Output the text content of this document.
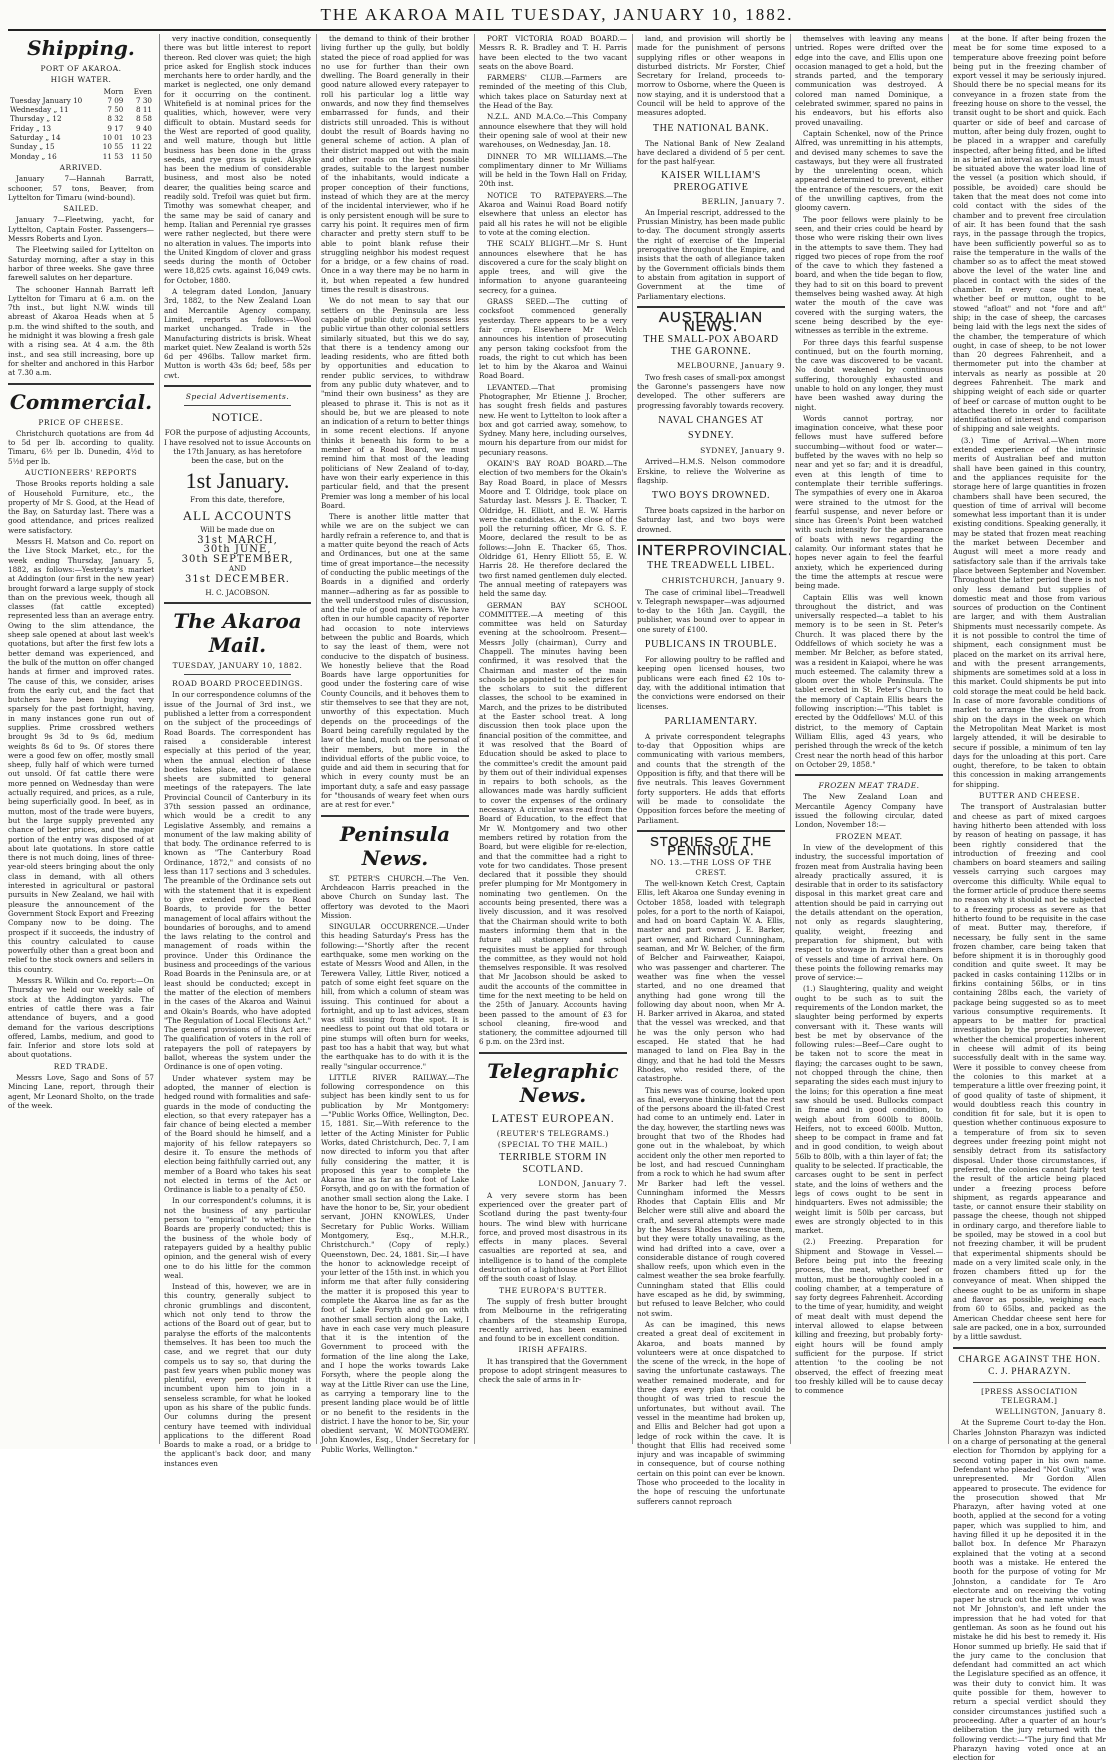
THE AKAROA MAIL TUESDAY, JANUARY 10, 1882.
Shipping.
PORT OF AKAROA.
HIGH WATER.
	Morn	Even
Tuesday January 10	7 09	7 30
Wednesday „ 11	7 50	8 11
Thursday „ 12	8 32	8 58
Friday „ 13	9 17	9 40
Saturday „ 14	10 01	10 23
Sunday „ 15	10 55	11 22
Monday „ 16	11 53	11 50
ARRIVED.
January 7—Hannah Barratt, schooner, 57 tons, Beaver, from Lyttelton for Timaru (wind-bound).
SAILED.
January 7—Fleetwing, yacht, for Lyttelton, Captain Foster. Passengers—Messrs Roberts and Lyon.
The Fleetwing sailed for Lyttelton on Saturday morning, after a stay in this harbor of three weeks. She gave three farewell salutes on her departure.
The schooner Hannah Barratt left Lyttelton for Timaru at 6 a.m. on the 7th inst., but light N.W. winds till abreast of Akaroa Heads when at 5 p.m. the wind shifted to the south, and he midnight it was blowing a fresh gale with a rising sea. At 4 a.m. the 8th inst., and sea still increasing, bore up for shelter and anchored in this Harbor at 7.30 a.m.
Commercial.
PRICE OF CHEESE.
Christchurch quotations are from 4d to 5d per lb. according to quality. Timaru, 6½ per lb. Dunedin, 4½d to 5½d per lb.
AUCTIONEERS' REPORTS
Those Brooks reports holding a sale of Household Furniture, etc., the property of Mr S. Good, at the Head of the Bay, on Saturday last. There was a good attendance, and prices realized were satisfactory.
Messrs H. Matson and Co. report on the Live Stock Market, etc., for the week ending Thursday, January 5, 1882, as follows:—Yesterday's market at Addington (our first in the new year) brought forward a large supply of stock than on the previous week, though all classes (fat cattle excepted) represented less than an average entry. Owing to the slim attendance, the sheep sale opened at about last week's quotations, but after the first few lots a better demand was experienced, and the bulk of the mutton on offer changed hands at firmer and improved rates. The cause of this, we consider, arises from the early cut, and the fact that butchers have been buying very sparsely for the past fortnight, having, in many instances gone run out of supplies. Prime crossbred wethers brought 9s 3d to 9s 6d, medium weights 8s 6d to 9s. Of stores there were a good few on offer, mostly small sheep, fully half of which were turned out unsold. Of fat cattle there were more penned on Wednesday than were actually required, and prices, as a rule, being superficially good. In beef, as in mutton, most of the trade were buyers, but the large supply prevented any chance of better prices, and the major portion of the entry was disposed of at about late quotations. In store cattle there is not much doing, lines of three-year-old steers bringing about the only class in demand, with all others interested in agricultural or pastoral pursuits in New Zealand, we hail with pleasure the announcement of the Government Stock Export and Freezing Company now to be doing. The prospect if it succeeds, the industry of this country calculated to cause powerfully other than a great boon and relief to the stock owners and sellers in this country.
Messrs R. Wilkin and Co. report:—On Thursday we held our weekly sale of stock at the Addington yards. The entries of cattle there was a fair attendance of buyers, and a good demand for the various descriptions offered, Lambs, medium, and good to fair. Inferior and store lots sold at about quotations.
RED TRADE.
Messrs Love, Sago and Sons of 57 Mincing Lane, report, through their agent, Mr Leonard Sholto, on the trade of the week.
very inactive condition, consequently there was but little interest to report thereon. Red clover was quiet; the high price asked for English stock induces merchants here to order hardly, and the market is neglected, one only demand for it occurring on the continent. Whitefield is at nominal prices for the qualities, which, however, were very difficult to obtain. Mustard seeds for the West are reported of good quality, and well mature, though but little business has been done in the grass seeds, and rye grass is quiet. Alsyke has been the medium of considerable business, and most also be noted dearer, the qualities being scarce and readily sold. Trefoil was quiet but firm. Timothy was somewhat cheaper, and the same may be said of canary and hemp. Italian and Perennial rye grasses were rather neglected, but there were no alteration in values. The imports into the United Kingdom of clover and grass seeds during the month of October were 18,825 cwts. against 16,049 cwts. for October, 1880.
A telegram dated London, January 3rd, 1882, to the New Zealand Loan and Mercantile Agency company, Limited, reports as follows:—Wool market unchanged. Trade in the Manufacturing districts is brisk. Wheat market quiet. New Zealand is worth 52s 6d per 496lbs. Tallow market firm. Mutton is worth 43s 6d; beef, 58s per cwt.
Special Advertisements.
NOTICE.
FOR the purpose of adjusting Accounts, I have resolved not to issue Accounts on the 17th January, as has heretofore been the case, but on the
1st January.
From this date, therefore,
ALL ACCOUNTS
Will be made due on
31st MARCH,
30th JUNE,
30th SEPTEMBER,
AND
31st DECEMBER.
H. C. JACOBSON.
The Akaroa Mail.
TUESDAY, JANUARY 10, 1882.
ROAD BOARD PROCEEDINGS.
In our correspondence columns of the issue of the Journal of 3rd inst., we published a letter from a correspondent on the subject of the proceedings of Road Boards. The correspondent has raised a considerable interest especially at this period of the year, when the annual election of these bodies takes place, and their balance sheets are submitted to general meetings of the ratepayers. The late Provincial Council of Canterbury in its 37th session passed an ordinance, which would be a credit to any Legislative Assembly, and remains a monument of the law making ability of that body. The ordinance referred to is known as "The Canterbury Road Ordinance, 1872," and consists of no less than 117 sections and 3 schedules. The preamble of the Ordinance sets out with the statement that it is expedient to give extended powers to Road Boards, to provide for the better management of local affairs without the boundaries of boroughs, and to amend the laws relating to the control and management of roads within the province. Under this Ordinance the business and proceedings of the various Road Boards in the Peninsula are, or at least should be conducted; except in the matter of the election of members in the cases of the Akaroa and Wainui and Okain's Boards, who have adopted "The Regulation of Local Elections Act." The general provisions of this Act are: The qualification of voters in the roll of ratepayers the poll of ratepayers by ballot, whereas the system under the Ordinance is one of open voting.
Under whatever system may be adopted, the manner of election is hedged round with formalities and safe-guards in the mode of conducting the election, so that every ratepayer has a fair chance of being elected a member of the Board should he himself, and a majority of his fellow ratepayers so desire it. To ensure the methods of election being faithfully carried out, any member of a Board who takes his seat not elected in terms of the Act or Ordinance is liable to a penalty of £50.
In our correspondent's columns, it is not the business of any particular person to "empirical" to whether the Boards are properly conducted; this is the business of the whole body of ratepayers guided by a healthy public opinion, and the general wish of every one to do his little for the common weal.
Instead of this, however, we are in this country, generally subject to chronic grumblings and discontent, which not only tend to throw the actions of the Board out of gear, but to paralyse the efforts of the malcontents themselves. It has been too much the case, and we regret that our duty compels us to say so, that during the past few years when public money was plentiful, every person thought it incumbent upon him to join in a senseless scramble, for what he looked upon as his share of the public funds. Our columns during the present century have teemed with individual applications to the different Road Boards to make a road, or a bridge to the applicant's back door, and many instances even
the demand to think of their brother living further up the gully, but boldly stated the piece of road applied for was no use for further than their own dwelling. The Board generally in their good nature allowed every ratepayer to roll his particular log a little way onwards, and now they find themselves embarrassed for funds, and their districts still unroaded. This is without doubt the result of Boards having no general scheme of action. A plan of their district mapped out with the main and other roads on the best possible grades, suitable to the largest number of the inhabitants, would indicate a proper conception of their functions, instead of which they are at the mercy of the incidental interviewer, who if he is only persistent enough will be sure to carry his point. It requires men of firm character and pretty stern stuff to be able to point blank refuse their struggling neighbor his modest request for a bridge, or a few chains of road. Once in a way there may be no harm in it, but when repeated a few hundred times the result is disastrous.
We do not mean to say that our settlers on the Peninsula are less capable of public duty, or possess less public virtue than other colonial settlers similarly situated, but this we do say, that there is a tendency among our leading residents, who are fitted both by opportunities and education to render public services, to withdraw from any public duty whatever, and to "mind their own business" as they are pleased to phrase it. This is not as it should be, but we are pleased to note an indication of a return to better things in some recent elections. If anyone thinks it beneath his form to be a member of a Road Board, we must remind him that most of the leading politicians of New Zealand of to-day, have won their early experience in this particular field, and that the present Premier was long a member of his local Board.
There is another little matter that while we are on the subject we can hardly refrain a reference to, and that is a matter quite beyond the reach of Acts and Ordinances, but one at the same time of great importance—the necessity of conducting the public meetings of the Boards in a dignified and orderly manner—adhering as far as possible to the well understood rules of discussion, and the rule of good manners. We have often in our humble capacity of reporter had occasion to note interviews between the public and Boards, which to say the least of them, were not conducive to the dispatch of business. We honestly believe that the Road Boards have large opportunities for good under the fostering care of wise County Councils, and it behoves them to stir themselves to see that they are not, unworthy of this expectation. Much depends on the proceedings of the Board being carefully regulated by the law of the land, much on the personal of their members, but more in the individual efforts of the public voice, to guide and aid them in securing that for which in every county must be an important duty, a safe and easy passage for "thousands of weary feet when ours are at rest for ever."
Peninsula News.
ST. PETER'S CHURCH.—The Ven. Archdeacon Harris preached in the above Church on Sunday last. The offertory was devoted to the Maori Mission.
SINGULAR OCCURRENCE.—Under this heading Saturday's Press has the following:—"Shortly after the recent earthquake, some men working on the estate of Messrs Wood and Allen, in the Terewera Valley, Little River, noticed a patch of some eight feet square on the hill, from which a column of steam was issuing. This continued for about a fortnight, and up to last advices, steam was still issuing from the spot. It is needless to point out that old totara or pine stumps will often burn for weeks, past too has a habit that way, but what the earthquake has to do with it is the really "singular occurrence."
LITTLE RIVER RAILWAY.—The following correspondence on this subject has been kindly sent to us for publication by Mr Montgomery:—"Public Works Office, Wellington, Dec. 15, 1881. Sir,—With reference to the letter of the Acting Minister for Public Works, dated Christchurch, Dec. 7, I am now directed to inform you that after fully considering the matter, it is proposed this year to complete the Akaroa line as far as the foot of Lake Forsyth, and go on with the formation of another small section along the Lake. I have the honor to be, Sir, your obedient servant, JOHN KNOWLES, Under Secretary for Public Works. William Montgomery, Esq., M.H.R., Christchurch." (Copy of reply.) Queenstown, Dec. 24, 1881. Sir,—I have the honor to acknowledge receipt of your letter of the 15th inst. in which you inform me that after fully considering the matter it is proposed this year to complete the Akaroa line as far as the foot of Lake Forsyth and go on with another small section along the Lake, I have in each case very much pleasure that it is the intention of the Government to proceed with the formation of the line along the Lake, and I hope the works towards Lake Forsyth, where the people along the way at the Little River can use the Line, as carrying a temporary line to the present landing place would be of little or no benefit to the residents in the district. I have the honor to be, Sir, your obedient servant, W. MONTGOMERY. John Knowles, Esq., Under Secretary for Public Works, Wellington."
PORT VICTORIA ROAD BOARD.—Messrs R. R. Bradley and T. H. Parris have been elected to the two vacant seats on the above Board.
FARMERS' CLUB.—Farmers are reminded of the meeting of this Club, which takes place on Saturday next at the Head of the Bay.
N.Z.L. AND M.A.Co.—This Company announce elsewhere that they will hold their opening sale of wool at their new warehouses, on Wednesday, Jan. 18.
DINNER TO MR WILLIAMS.—The complimentary dinner to Mr Williams will be held in the Town Hall on Friday, 20th inst.
NOTICE TO RATEPAYERS.—The Akaroa and Wainui Road Board notify elsewhere that unless an elector has paid all his rates he will not be eligible to vote at the coming election.
THE SCALY BLIGHT.—Mr S. Hunt announces elsewhere that he has discovered a cure for the scaly blight on apple trees, and will give the information to anyone guaranteeing secrecy, for a guinea.
GRASS SEED.—The cutting of cocksfoot commenced generally yesterday. There appears to be a very fair crop. Elsewhere Mr Welch announces his intention of prosecuting any person taking cocksfoot from the roads, the right to cut which has been let to him by the Akaroa and Wainui Road Board.
LEVANTED.—That promising Photographer, Mr Etienne J. Brocher, has sought fresh fields and pastures new. He went to Lyttelton to look after a box and got carried away, somehow, to Sydney. Many here, including ourselves, mourn his departure from our midst for pecuniary reasons.
OKAIN'S BAY ROAD BOARD.—The election of two members for the Okain's Bay Road Board, in place of Messrs Moore and T. Oldridge, took place on Saturday last. Messrs J. E. Thacker, T. Oldridge, H. Elliott, and E. W. Harris were the candidates. At the close of the poll the returning officer, Mr G. S. F. Moore, declared the result to be as follows:—John E. Thacker 65, Thos. Oldridge 61, Henry Elliott 55, E. W. Harris 28. He therefore declared the two first named gentlemen duly elected. The annual meeting of ratepayers was held the same day.
GERMAN BAY SCHOOL COMMITTEE.—A meeting of this committee was held on Saturday evening at the schoolroom. Present—Messrs Jolly (chairman), Curry and Chappell. The minutes having been confirmed, it was resolved that the Chairman and master of the main schools be appointed to select prizes for the scholars to suit the different classes, the school to be examined in March, and the prizes to be distributed at the Easter school treat. A long discussion then took place upon the financial position of the committee, and it was resolved that the Board of Education should be asked to place to the committee's credit the amount paid by them out of their individual expenses in repairs to both schools, as the allowances made was hardly sufficient to cover the expenses of the ordinary necessary. A circular was read from the Board of Education, to the effect that Mr W. Montgomery and two other members retired by rotation from the Board, but were eligible for re-election, and that the committee had a right to vote for two candidates. Those present declared that it possible they should prefer plumping for Mr Montgomery in nominating two gentlemen. On the accounts being presented, there was a lively discussion, and it was resolved that the Chairman should write to both masters informing them that in the future all stationery and school requisites must be applied for through the committee, as they would not hold themselves responsible. It was resolved that Mr Jacobson should be asked to audit the accounts of the committee in time for the next meeting to be held on the 25th of January. Accounts having been passed to the amount of £3 for school cleaning, fire-wood and stationery, the committee adjourned till 6 p.m. on the 23rd inst.
Telegraphic News.
LATEST EUROPEAN.
(REUTER'S TELEGRAMS.)
(SPECIAL TO THE MAIL.)
TERRIBLE STORM IN SCOTLAND.
LONDON, January 7.
A very severe storm has been experienced over the greater part of Scotland during the past twenty-four hours. The wind blew with hurricane force, and proved most disastrous in its effects in many places. Several casualties are reported at sea, and intelligence is to hand of the complete destruction of a lighthouse at Port Elliot off the south coast of Islay.
THE EUROPA'S BUTTER.
The supply of fresh butter brought from Melbourne in the refrigerating chambers of the steamship Europa, recently arrived, has been examined and found to be in excellent condition.
IRISH AFFAIRS.
It has transpired that the Government propose to adopt stringent measures to check the sale of arms in Ir-
land, and provision will shortly be made for the punishment of persons supplying rifles or other weapons in disturbed districts. Mr Forster, Chief Secretary for Ireland, proceeds to-morrow to Osborne, where the Queen is now staying, and it is understood that a Council will be held to approve of the measures adopted.
THE NATIONAL BANK.
The National Bank of New Zealand have declared a dividend of 5 per cent. for the past half-year.
KAISER WILLIAM'S PREROGATIVE
BERLIN, January 7.
An Imperial rescript, addressed to the Prussian Ministry, has been made public to-day. The document strongly asserts the right of exercise of the Imperial prerogative throughout the Empire, and insists that the oath of allegiance taken by the Government officials binds them to abstain from agitation in support of Government at the time of Parliamentary elections.
AUSTRALIAN NEWS.
THE SMALL-POX ABOARD THE GARONNE.
MELBOURNE, January 9.
Two fresh cases of small-pox amongst the Garonne's passengers have now developed. The other sufferers are progressing favorably towards recovery.
NAVAL CHANGES AT SYDNEY.
SYDNEY, January 9.
Arrived—H.M.S. Nelson commodore Erskine, to relieve the Wolverine as flagship.
TWO BOYS DROWNED.
Three boats capsized in the harbor on Saturday last, and two boys were drowned.
INTERPROVINCIAL.
THE TREADWELL LIBEL.
CHRISTCHURCH, January 9.
The case of criminal libel—Treadwell v. Telegraph newspaper—was adjourned to-day to the 16th Jan. Caygill, the publisher, was bound over to appear in one surety of £100.
PUBLICANS IN TROUBLE.
For allowing poultry to be raffled and keeping open licensed houses, two publicans were each fined £2 10s to-day, with the additional intimation that the convictions were endorsed on their licenses.
PARLIAMENTARY.
A private correspondent telegraphs to-day that Opposition whips are communicating with various members, and counts that the strength of the Opposition is fifty, and that there will be five neutrals. This leaves Government forty supporters. He adds that efforts will be made to consolidate the Opposition forces before the meeting of Parliament.
STORIES OF THE PENINSULA.
NO. 13.—THE LOSS OF THE CREST.
The well-known Ketch Crest, Captain Ellis, left Akaroa one Sunday evening in October 1858, loaded with telegraph poles, for a port to the north of Kaiapoi, and had on board Captain W. A. Ellis, master and part owner, J. E. Barker, part owner, and Richard Cunningham, seaman, and Mr W. Belcher, of the firm of Belcher and Fairweather, Kaiapoi, who was passenger and charterer. The weather was fine when the vessel started, and no one dreamed that anything had gone wrong till the following day about noon, when Mr A. H. Barker arrived in Akaroa, and stated that the vessel was wrecked, and that he was the only person who had escaped. He stated that he had managed to land on Flea Bay in the dingy, and that he had told the Messrs Rhodes, who resided there, of the catastrophe.
This news was of course, looked upon as final, everyone thinking that the rest of the persons aboard the ill-fated Crest had come to an untimely end. Later in the day, however, the startling news was brought that two of the Rhodes had gone out in the whaleboat, by which accident only the other men reported to be lost, and had rescued Cunningham from a rock to which he had swum after Mr Barker had left the vessel. Cunningham informed the Messrs Rhodes that Captain Ellis and Mr Belcher were still alive and aboard the craft, and several attempts were made by the Messrs Rhodes to rescue them, but they were totally unavailing, as the wind had drifted into a cave, over a considerable distance of rough covered shallow reefs, upon which even in the calmest weather the sea broke fearfully. Cunningham stated that Ellis could have escaped as he did, by swimming, but refused to leave Belcher, who could not swim.
As can be imagined, this news created a great deal of excitement in Akaroa, and boats manned by volunteers were at once dispatched to the scene of the wreck, in the hope of saving the unfortunate castaways. The weather remained moderate, and for three days every plan that could be thought of was tried to rescue the unfortunates, but without avail. The vessel in the meantime had broken up, and Ellis and Belcher had got upon a ledge of rock within the cave. It is thought that Ellis had received some injury and was incapable of swimming in consequence, but of course nothing certain on this point can ever be known. Those who proceeded to the locality in the hope of rescuing the unfortunate sufferers cannot reproach
themselves with leaving any means untried. Ropes were drifted over the edge into the cave, and Ellis upon one occasion managed to get a hold, but the strands parted, and the temporary communication was destroyed. A colored man named Dominique, a celebrated swimmer, spared no pains in his endeavors, but his efforts also proved unavailing.
Captain Schenkel, now of the Prince Alfred, was unremitting in his attempts, and devised many schemes to save the castaways, but they were all frustrated by the unrelenting ocean, which appeared determined to prevent, either the entrance of the rescuers, or the exit of the unwilling captives, from the gloomy cavern.
The poor fellows were plainly to be seen, and their cries could be heard by those who were risking their own lives in the attempts to save them. They had rigged two pieces of rope from the roof of the cave to which they fastened a board, and when the tide began to flow, they had to sit on this board to prevent themselves being washed away. At high water the mouth of the cave was covered with the surging waters, the scene being described by the eye-witnesses as terrible in the extreme.
For three days this fearful suspense continued, but on the fourth morning, the cave was discovered to be vacant. No doubt weakened by continuous suffering, thoroughly exhausted and unable to hold on any longer, they must have been washed away during the night.
Words cannot portray, nor imagination conceive, what these poor fellows must have suffered before succumbing—without food or water—buffeted by the waves with no help so near and yet so far; and it is dreadful, even at this length of time to contemplate their terrible sufferings. The sympathies of every one in Akaroa were strained to the utmost for the fearful suspense, and never before or since has Green's Point been watched with such intensity for the appearance of boats with news regarding the calamity. Our informant states that he hopes never again to feel the fearful anxiety, which he experienced during the time the attempts at rescue were being made.
Captain Ellis was well known throughout the district, and was universally respected—a tablet to his memory is to be seen in St. Peter's Church. It was placed there by the Oddfellows of which society he was a member. Mr Belcher, as before stated, was a resident in Kaiapoi, where he was much esteemed. The calamity threw a gloom over the whole Peninsula. The tablet erected in St. Peter's Church to the memory of Captain Ellis bears the following inscription:—"This tablet is erected by the Oddfellows' M.U. of this district, to the memory of Captain William Ellis, aged 43 years, who perished through the wreck of the ketch Crest near the north head of this harbor on October 29, 1858."
FROZEN MEAT TRADE.
The New Zealand Loan and Mercantile Agency Company have issued the following circular, dated London, November 18:—
FROZEN MEAT.
In view of the development of this industry, the successful importation of frozen meat from Australia having been already practically assured, it is desirable that in order to its satisfactory disposal in this market great care and attention should be paid in carrying out the details attendant on the operation, not only as regards slaughtering, quality, weight, freezing and preparation for shipment, but with respect to stowage in frozen chambers of vessels and time of arrival here. On these points the following remarks may prove of service:—
(1.) Slaughtering, quality and weight ought to be such as to suit the requirements of the London market, the slaughter being performed by experts conversant with it. These wants will best be met by observance of the following rules:—Beef—Care ought to be taken not to score the meat in flaying; the carcases ought to be sawn, not chopped through the chine, then separating the sides each must injury to the loins; for this operation a fine meat saw should be used. Bullocks compact in frame and in good condition, to weigh about from 600lb to 800lb. Heifers, not to exceed 600lb. Mutton, sheep to be compact in frame and fat and in good condition, to weigh about 56lb to 80lb, with a thin layer of fat; the quality to be selected. If practicable, the carcases ought to be sent in perfect state, and the loins of wethers and the legs of cows ought to be sent in hindquarters. Ewes not admissible; the weight limit is 50lb per carcass, but ewes are strongly objected to in this market.
(2.) Freezing. Preparation for Shipment and Stowage in Vessel.—Before being put into the freezing process, the meat, whether beef or mutton, must be thoroughly cooled in a cooling chamber, at a temperature of say forty degrees Fahrenheit. According to the time of year, humidity, and weight of meat dealt with must depend the interval allowed to elapse between killing and freezing, but probably forty-eight hours will be found amply sufficient for the purpose. If strict attention 'to the cooling be not observed, the effect of freezing meat too freshly killed will be to cause decay to commence
at the bone. If after being frozen the meat be for some time exposed to a temperature above freezing point before being put in the freezing chamber of export vessel it may be seriously injured. Should there be no special means for its conveyance in a frozen state from the freezing house on shore to the vessel, the transit ought to be short and quick. Each quarter or side of beef and carcase of mutton, after being duly frozen, ought to be placed in a wrapper and carefully inspected, after being fitted, and be lifted in as brief an interval as possible. It must be situated above the water load line of the vessel (a position which should, if possible, be avoided) care should be taken that the meat does not come into cold contact with the sides of the chamber and to prevent free circulation of air. It has been found that the sash rays, in the passage through the tropics, have been sufficiently powerful so as to raise the temperature in the walls of the chamber so as to affect the meat stowed above the level of the water line and placed in contact with the sides of the chamber. In every case the meat, whether beef or mutton, ought to be stowed "afloat" and not "fore and aft" ship; in the case of sheep, the carcases being laid with the legs next the sides of the chamber, the temperature of which ought, in case of sheep, to be not lower than 20 degrees Fahrenheit, and a thermometer put into the chamber at intervals as nearly as possible at 20 degrees Fahrenheit. The mark and shipping weight of each side or quarter of beef or carcase of mutton ought to be attached thereto in order to facilitate identification of interest and comparison of shipping and sale weights.
(3.) Time of Arrival.—When more extended experience of the intrinsic merits of Australian beef and mutton shall have been gained in this country, and the appliances requisite for the storage here of large quantities in frozen chambers shall have been secured, the question of time of arrival will become somewhat less important than it is under existing conditions. Speaking generally, it may be stated that frozen meat reaching the market between December and August will meet a more ready and satisfactory sale than if the arrivals take place between September and November. Throughout the latter period there is not only less demand but supplies of domestic meat and those from various sources of production on the Continent are larger, and with them Australian Shipments must necessarily compete. As it is not possible to control the time of shipment, each consignment must be placed on the market on its arrival here, and with the present arrangements, shipments are sometimes sold at a loss in this market. Could shipments be put into cold storage the meat could be held back. In case of more favorable conditions of market to arrange the discharge from ship on the days in the week on which the Metropolitan Meat Market is most largely attended, it will be desirable to secure if possible, a minimum of ten lay days for the unloading at this port. Care ought, therefore, to be taken to obtain this concession in making arrangements for shipping.
BUTTER AND CHEESE.
The transport of Australasian butter and cheese as part of mixed cargoes having hitherto been attended with loss by reason of heating on passage, it has been rightly considered that the introduction of freezing and cool chambers on board steamers and sailing vessels carrying such cargoes may overcome this difficulty. While equal to the former article of produce there seems no reason why it should not be subjected to a freezing process as severe as that hitherto found to be requisite in the case of meat. Butter may, therefore, if necessary, be fully sent in the same frozen chamber, care being taken that before shipment it is in thoroughly good condition and quite sweet. It may be packed in casks containing 112lbs or in firkins containing 56lbs, or in tins containing 28lbs each, the variety of package being suggested so as to meet various consumptive requirements. It appears to be matter for practical investigation by the producer, however, whether the chemical properties inherent in cheese will admit of its being successfully dealt with in the same way. Were it possible to convey cheese from the colonies to this market at a temperature a little over freezing point, it of good quality of taste of shipment, it would doubtless reach this country in condition fit for sale, but it is open to question whether continuous exposure to a temperature of from six to seven degrees under freezing point might not sensibly detract from its satisfactory disposal. Under those circumstances, if preferred, the colonies cannot fairly test the result of the article being placed under a freezing process before shipment, as regards appearance and taste, or cannot ensure their stability on passage the cheese, though not shipped in ordinary cargo, and therefore liable to be spoiled, may be stowed in a cool but not freezing chamber, it will be prudent that experimental shipments should be made on a very limited scale only, in the frozen chambers fitted up for the conveyance of meat. When shipped the cheese ought to be as uniform in shape and flavor as possible, weighing each from 60 to 65lbs, and packed as the American Cheddar cheese sent here for sale are packed, one in a box, surrounded by a little sawdust.
CHARGE AGAINST THE HON. C. J. PHARAZYN.
[PRESS ASSOCIATION TELEGRAM.]
WELLINGTON, January 8.
At the Supreme Court to-day the Hon. Charles Johnston Pharazyn was indicted on a charge of personating at the general election for Thorndon by applying for a second voting paper in his own name. Defendant who pleaded "Not Guilty," was unrepresented. Mr Gordon Allen appeared to prosecute. The evidence for the prosecution showed that Mr Pharazyn, after having voted at one booth, applied at the second for a voting paper, which was supplied to him, and having filled it up he deposited it in the ballot box. In defence Mr Pharazyn explained that the voting at a second booth was a mistake. He entered the booth for the purpose of voting for Mr Johnston, a candidate for Te Aro electorate and on receiving the voting paper he struck out the name which was not Mr Johnston's, and left under the impression that he had voted for that gentleman. As soon as he found out his mistake he did his best to remedy it. His Honor summed up briefly. He said that if the jury came to the conclusion that defendant had committed an act which the Legislature specified as an offence, it was their duty to convict him. It was quite possible for them, however to return a special verdict should they consider circumstances justified such a proceeding. After a quarter of an hour's deliberation the jury returned with the following verdict:—"The jury find that Mr Pharazyn having voted once at an election for
